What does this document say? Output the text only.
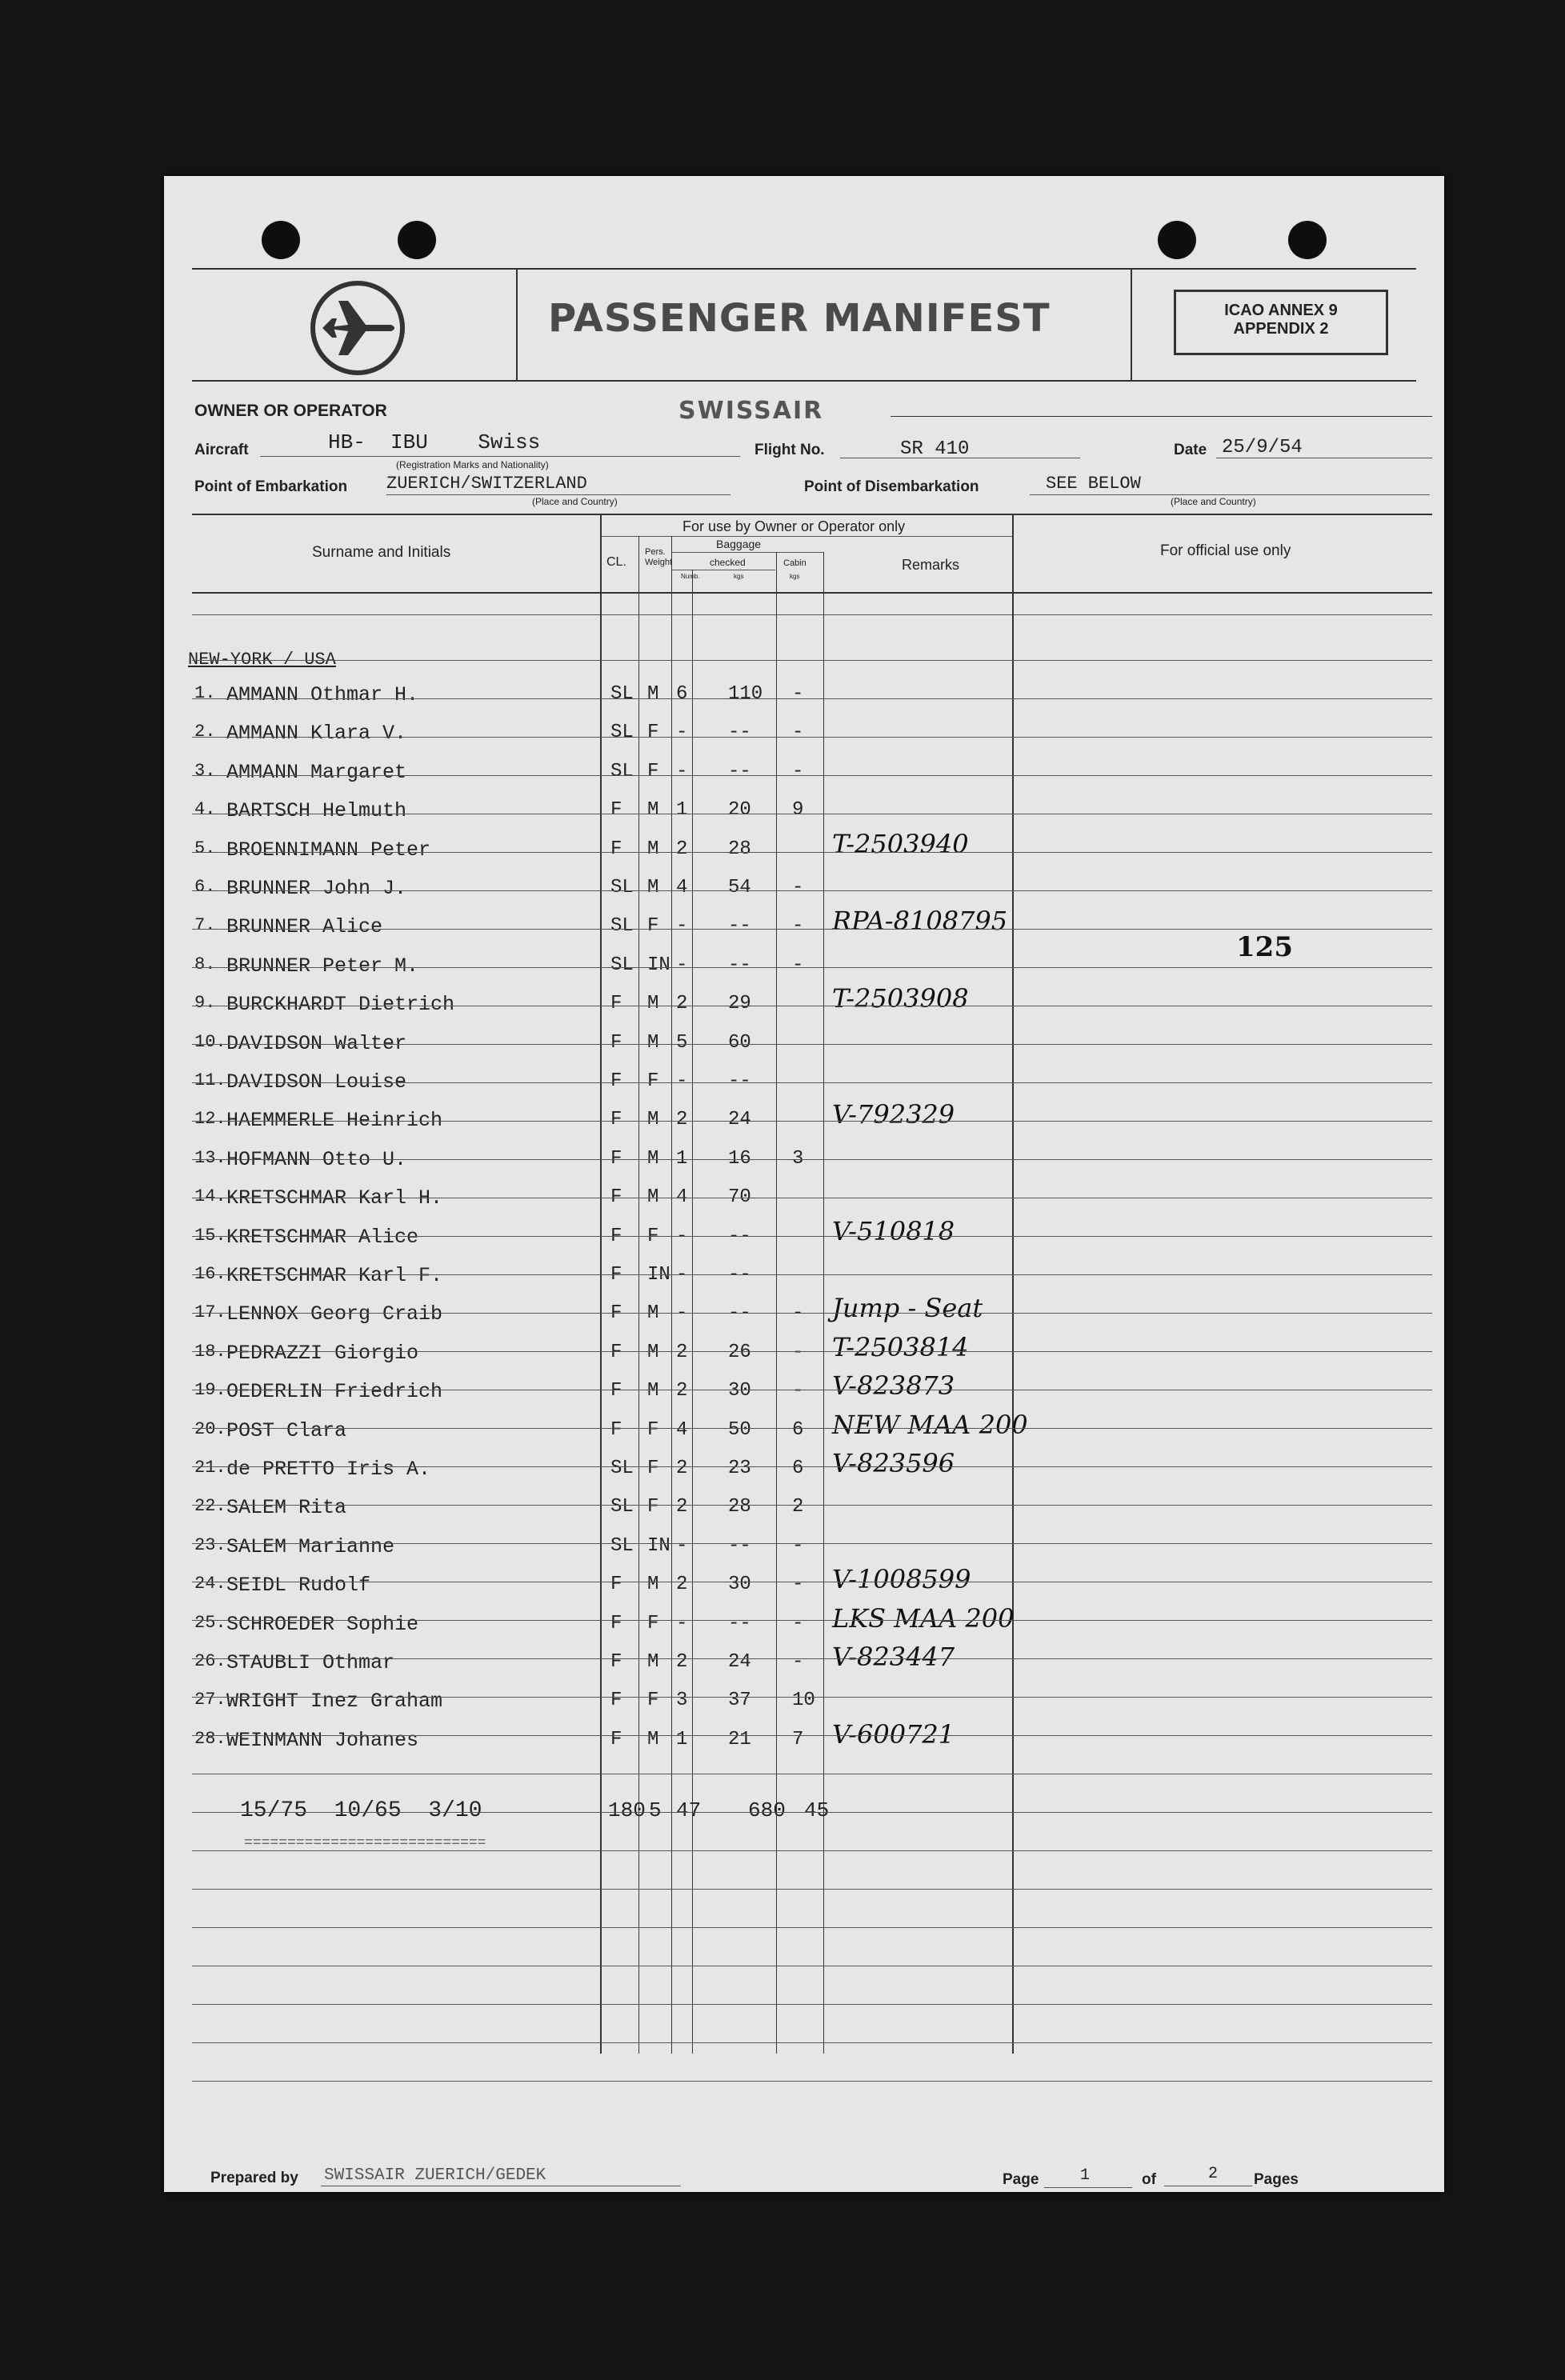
PASSENGER MANIFEST	ICAO ANNEX 9
APPENDIX 2
OWNER OR OPERATOR	SWISSAIR
Aircraft	HB-  IBU    Swiss
(Registration Marks and Nationality)
Flight No.	SR 410	Date 25/9/54
Point of Embarkation ZUERICH/SWITZERLAND
(Place and Country)
Point of Disembarkation	SEE BELOW
(Place and Country)
Surname and Initials
For use by Owner or Operator only
CL.
Pers. Weight
Baggage
checked
Numb.	kgs
Cabin
kgs
Remarks
For official use only
1. AMMANN Othmar H.	SL M 6 110 -
2. AMMANN Klara V.	SL F - -- -
3. AMMANN Margaret	SL F - -- -
4. BARTSCH Helmuth	F M 1 20 9
5. BROENNIMANN Peter	F M 2 28	T-2503940
6. BRUNNER John J.	SL M 4 54 -
7. BRUNNER Alice	SL F - -- - RPA-8108795
8. BRUNNER Peter M.	SL IN - -- -
9. BURCKHARDT Dietrich	F M 2 29	T-2503908
10. DAVIDSON Walter	F M 5 60
11. DAVIDSON Louise	F F - --
12. HAEMMERLE Heinrich	F M 2 24	V-792329
13. HOFMANN Otto U.	F M 1 16 3
14. KRETSCHMAR Karl H.	F M 4 70
15. KRETSCHMAR Alice	F F - --	V-510818
16. KRETSCHMAR Karl F.	F IN - --
17. LENNOX Georg Craib	F M - -- - Jump - Seat
18. PEDRAZZI Giorgio	F M 2 26 - T-2503814
19. OEDERLIN Friedrich	F M 2 30 - V-823873
20. POST Clara	F F 4 50 6 NEW MAA 200
21. de PRETTO Iris A.	SL F 2 23 6 V-823596
22. SALEM Rita	SL F 2 28 2
23. SALEM Marianne	SL IN - -- -
24. SEIDL Rudolf	F M 2 30 - V-1008599
25. SCHROEDER Sophie	F F - -- - LKS MAA 200
26. STAUBLI Othmar	F M 2 24 - V-823447
27. WRIGHT Inez Graham	F F 3 37 10
28. WEINMANN Johanes	F M 1 21 7 V-600721
NEW-YORK / USA
125
15/75  10/65  3/10	180 5 47 680 45
============================
Prepared by SWISSAIR ZUERICH/GEDEK	Page	1	of	2 Pages
